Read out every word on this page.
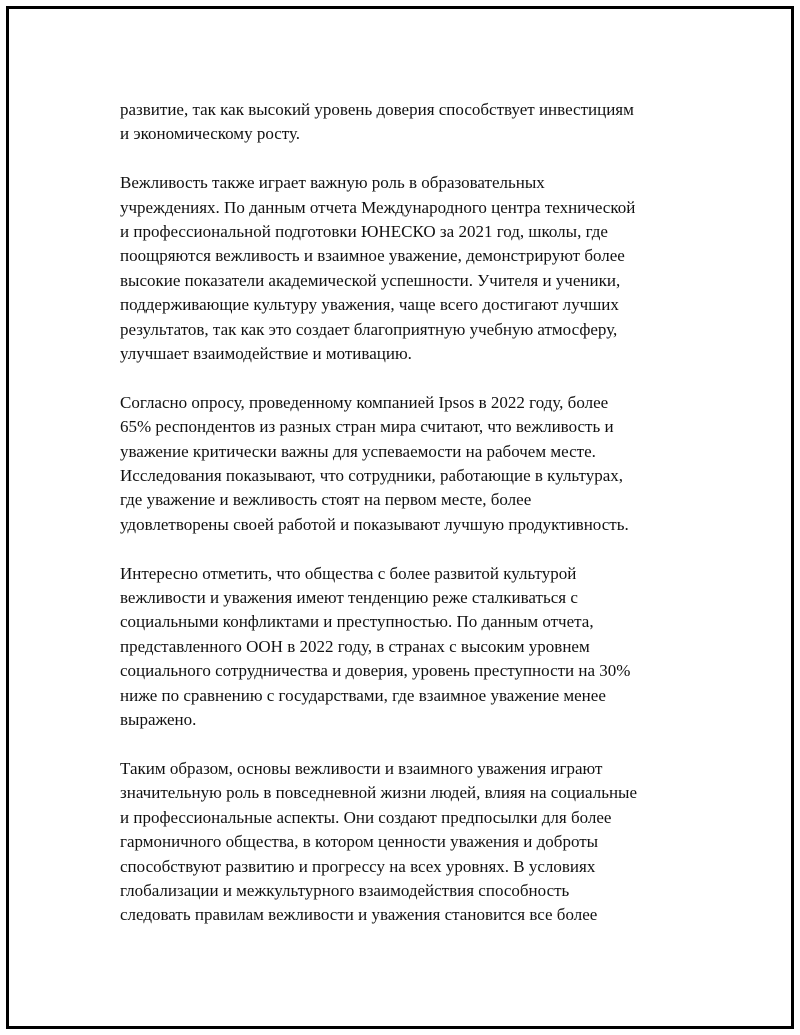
развитие, так как высокий уровень доверия способствует инвестициям
и экономическому росту.

Вежливость также играет важную роль в образовательных
учреждениях. По данным отчета Международного центра технической
и профессиональной подготовки ЮНЕСКО за 2021 год, школы, где
поощряются вежливость и взаимное уважение, демонстрируют более
высокие показатели академической успешности. Учителя и ученики,
поддерживающие культуру уважения, чаще всего достигают лучших
результатов, так как это создает благоприятную учебную атмосферу,
улучшает взаимодействие и мотивацию.

Согласно опросу, проведенному компанией Ipsos в 2022 году, более
65% респондентов из разных стран мира считают, что вежливость и
уважение критически важны для успеваемости на рабочем месте.
Исследования показывают, что сотрудники, работающие в культурах,
где уважение и вежливость стоят на первом месте, более
удовлетворены своей работой и показывают лучшую продуктивность.

Интересно отметить, что общества с более развитой культурой
вежливости и уважения имеют тенденцию реже сталкиваться с
социальными конфликтами и преступностью. По данным отчета,
представленного ООН в 2022 году, в странах с высоким уровнем
социального сотрудничества и доверия, уровень преступности на 30%
ниже по сравнению с государствами, где взаимное уважение менее
выражено.

Таким образом, основы вежливости и взаимного уважения играют
значительную роль в повседневной жизни людей, влияя на социальные
и профессиональные аспекты. Они создают предпосылки для более
гармоничного общества, в котором ценности уважения и доброты
способствуют развитию и прогрессу на всех уровнях. В условиях
глобализации и межкультурного взаимодействия способность
следовать правилам вежливости и уважения становится все более
